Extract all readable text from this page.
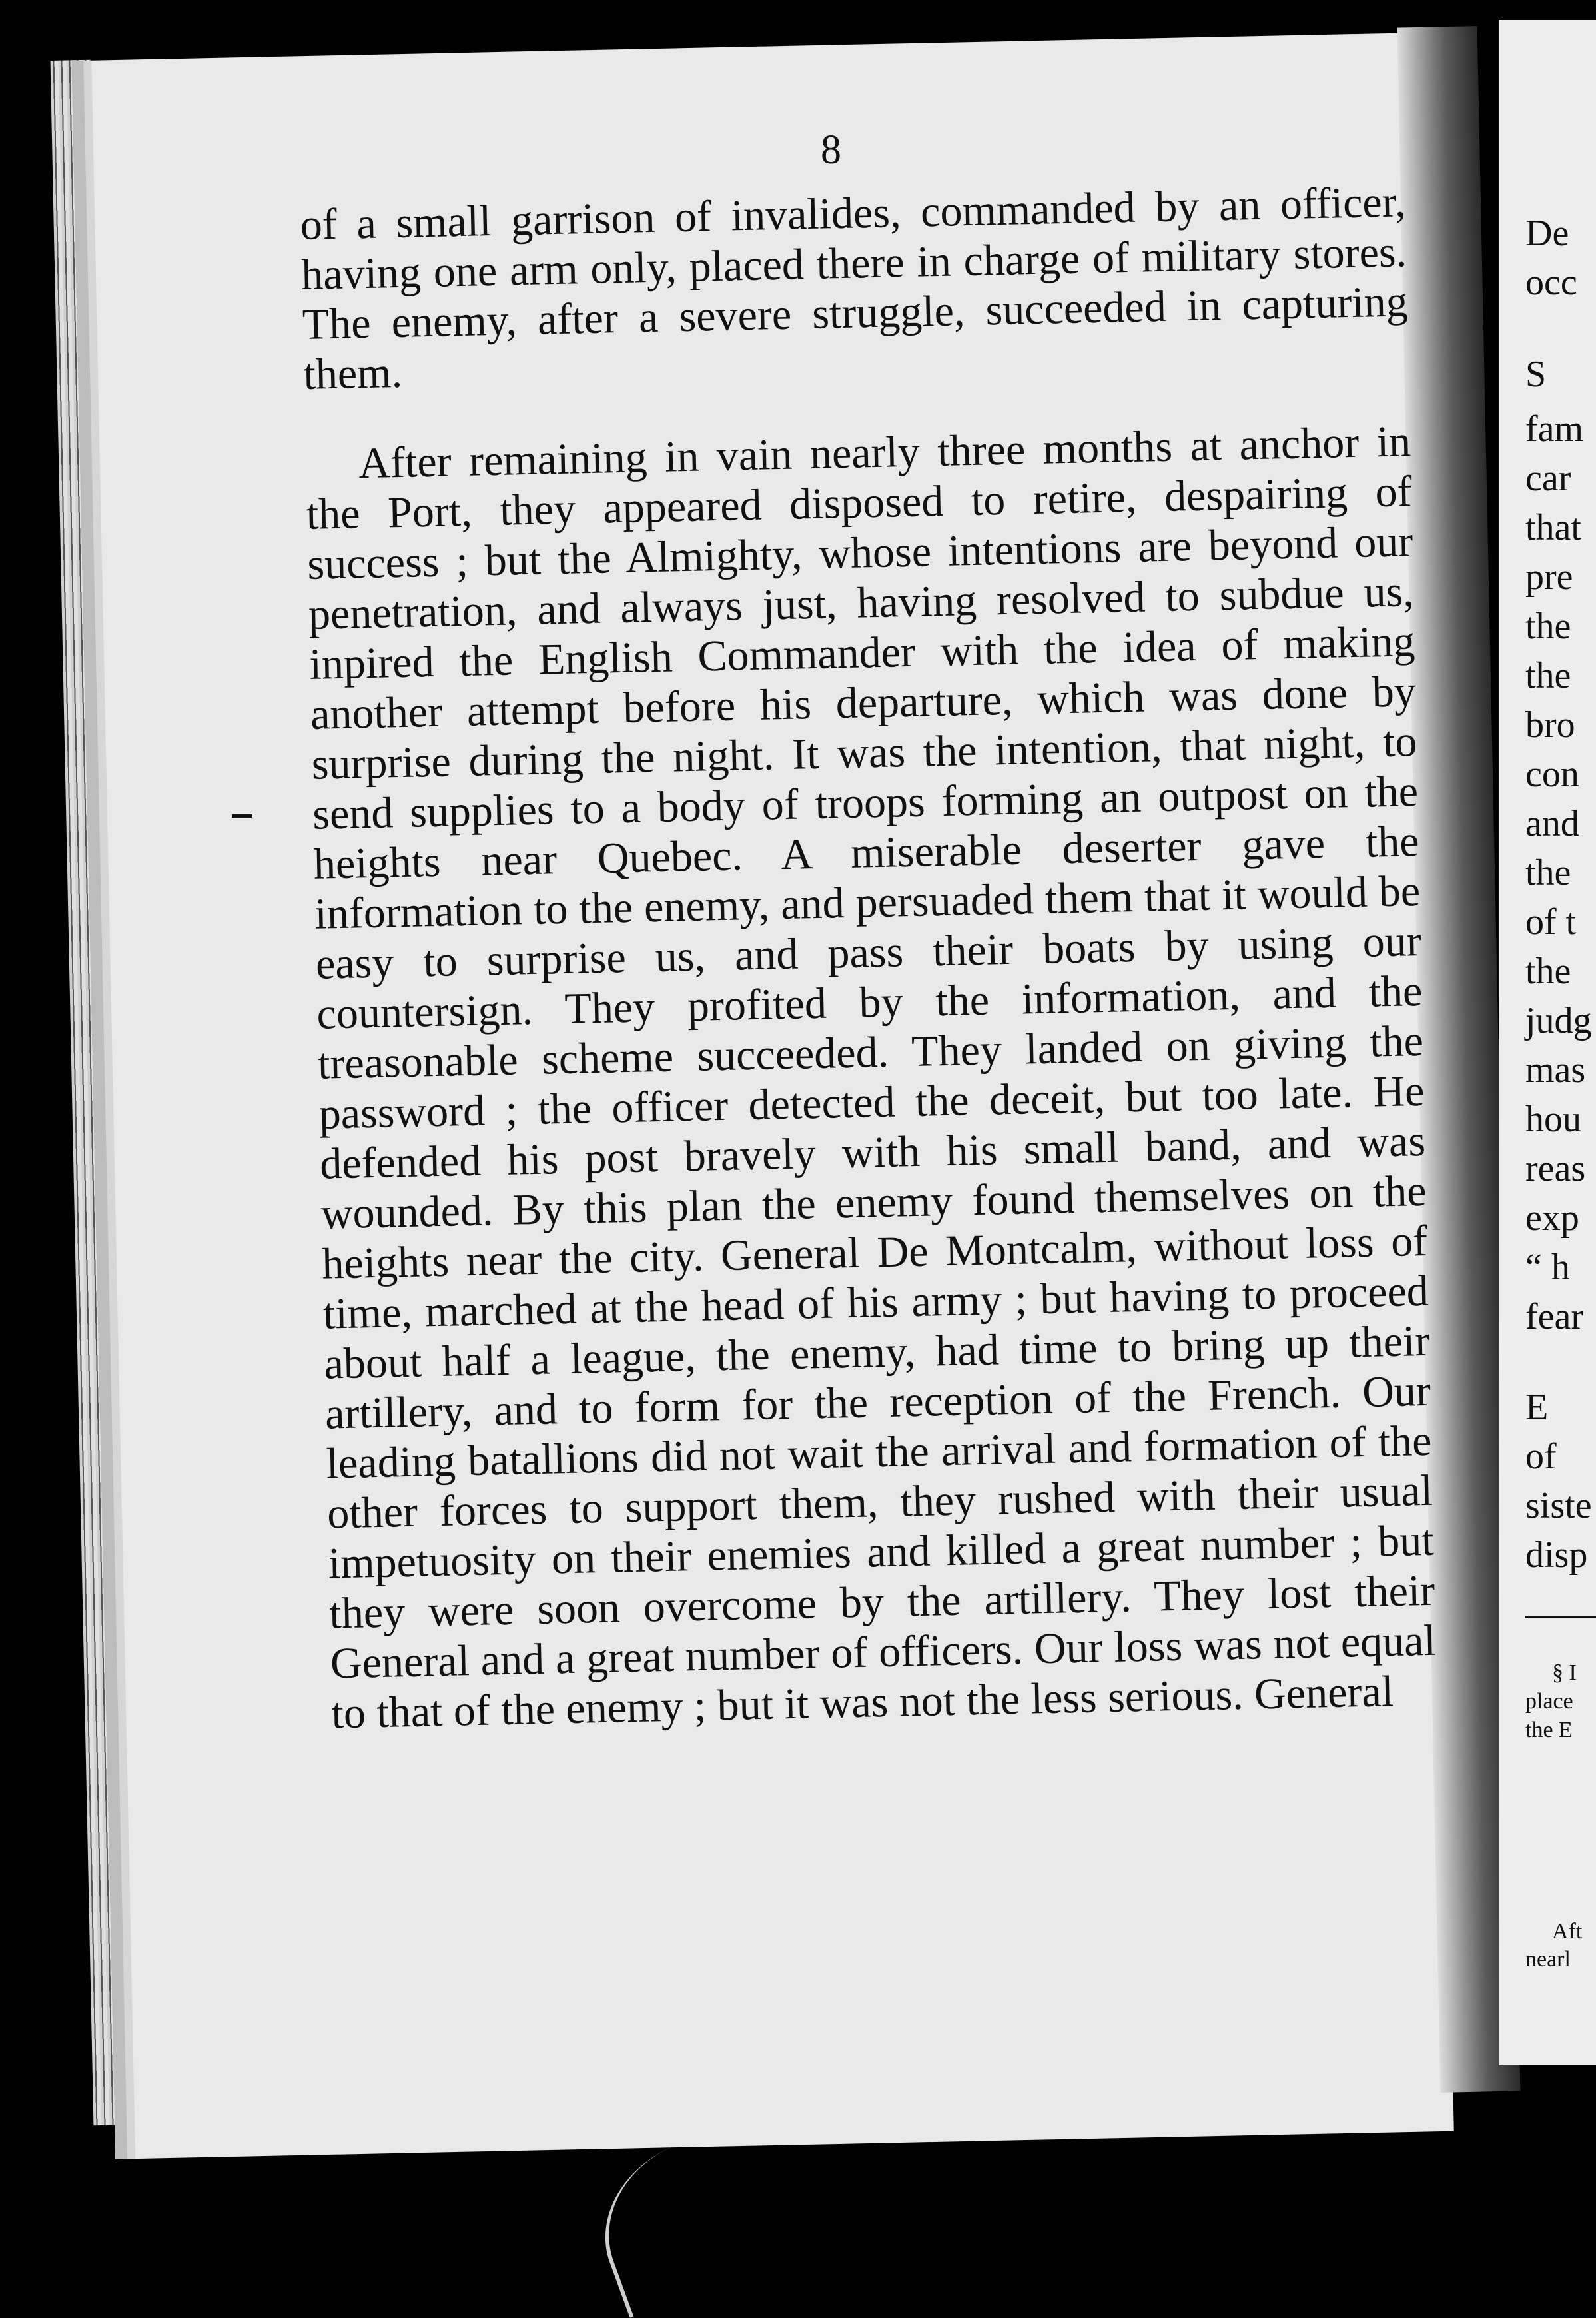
8

of a small garrison of invalides, commanded by an officer, having one arm only, placed there in charge of military stores. The enemy, after a severe struggle, succeeded in capturing them.

After remaining in vain nearly three months at anchor in the Port, they appeared disposed to retire, despairing of success ; but the Almighty, whose intentions are beyond our penetration, and always just, having resolved to subdue us, inpired the English Commander with the idea of making another attempt before his departure, which was done by surprise during the night. It was the intention, that night, to send supplies to a body of troops forming an outpost on the heights near Quebec. A miserable deserter gave the information to the enemy, and persuaded them that it would be easy to surprise us, and pass their boats by using our countersign. They profited by the information, and the treasonable scheme succeeded. They landed on giving the password ; the officer detected the deceit, but too late. He defended his post bravely with his small band, and was wounded. By this plan the enemy found themselves on the heights near the city. General De Montcalm, without loss of time, marched at the head of his army ; but having to proceed about half a league, the enemy, had time to bring up their artillery, and to form for the reception of the French. Our leading batallions did not wait the arrival and formation of the other forces to support them, they rushed with their usual impetuosity on their enemies and killed a great number ; but they were soon overcome by the artillery. They lost their General and a great number of officers. Our loss was not equal to that of the enemy ; but it was not the less serious. General

De
occ
S
fam
car
that
pre
the
the
bro
con
and
the
of t
the
judg
mas
hou
reas
exp
“ h
fear
E
of
siste
disp
§ I
place
the E
Aft
nearl
